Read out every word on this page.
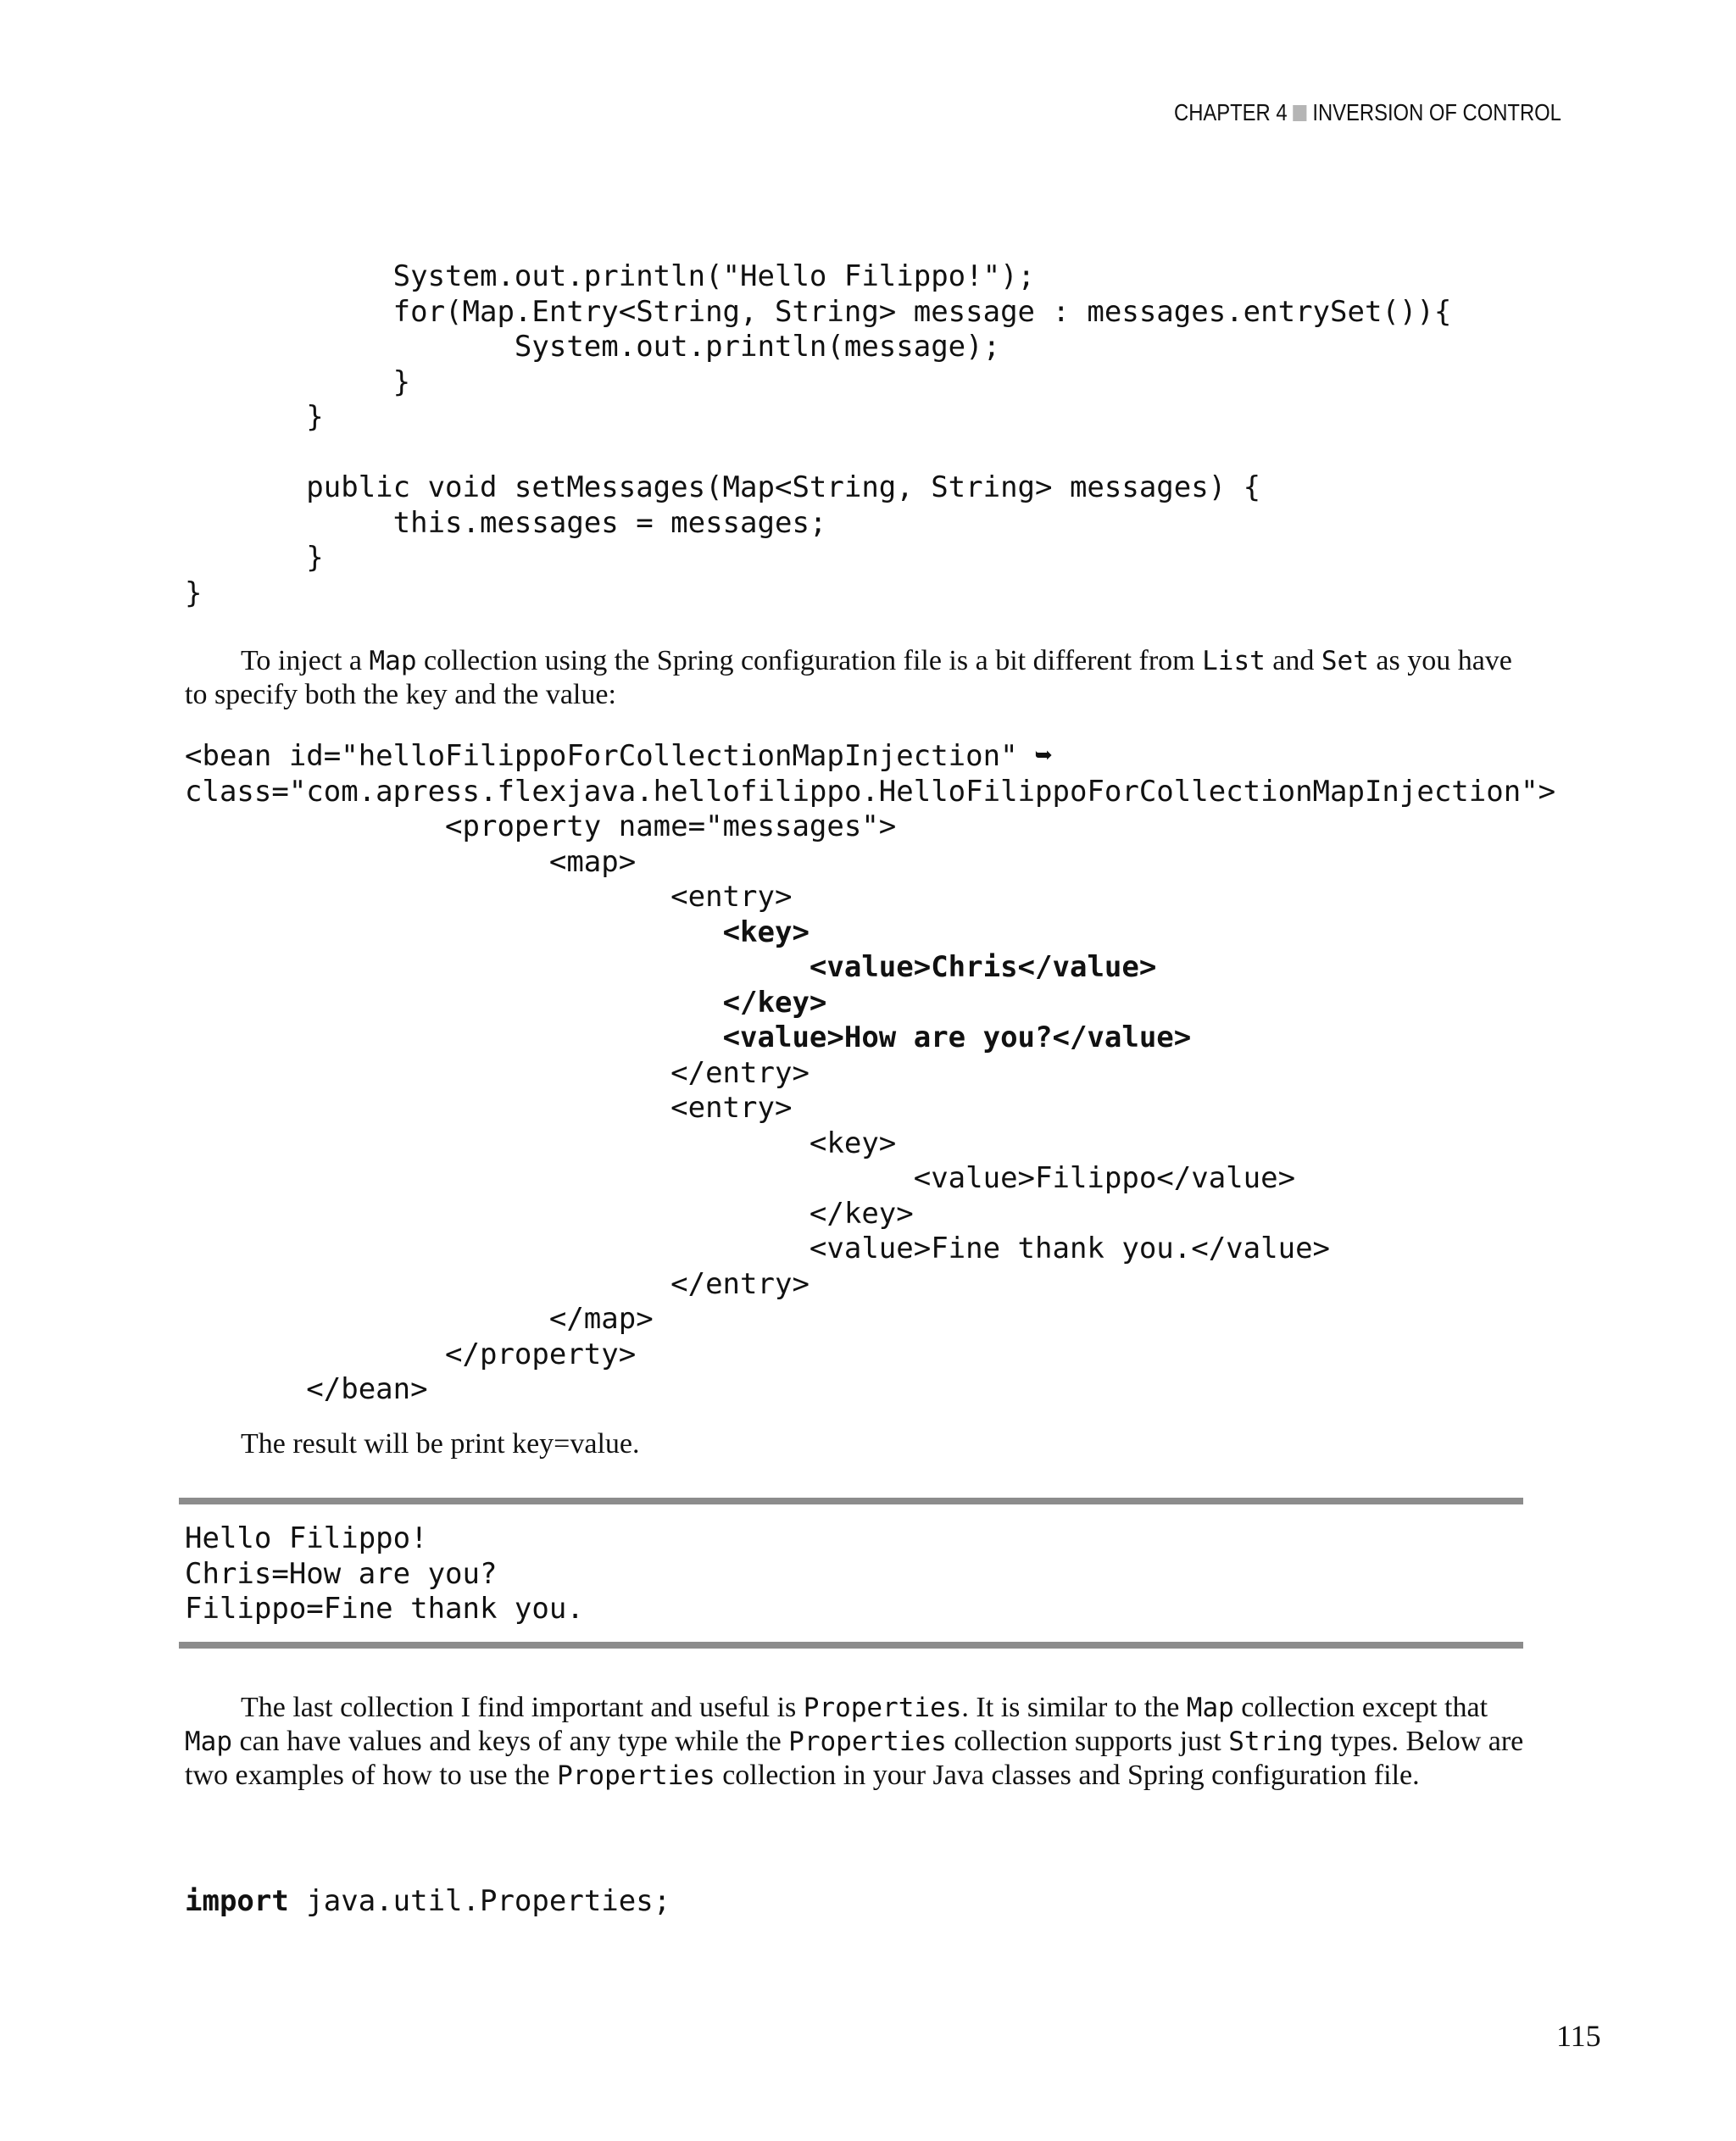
CHAPTER 4 INVERSION OF CONTROL
System.out.println("Hello Filippo!");
for(Map.Entry<String, String> message : messages.entrySet()){
System.out.println(message);
}
}

public void setMessages(Map<String, String> messages) {
this.messages = messages;
}
}

To inject a Map collection using the Spring configuration file is a bit different from List and Set as you have to specify both the key and the value:

<bean id="helloFilippoForCollectionMapInjection" ➥
class="com.apress.flexjava.hellofilippo.HelloFilippoForCollectionMapInjection">
<property name="messages">
<map>
<entry>
<key>
<value>Chris</value>
</key>
<value>How are you?</value>
</entry>
<entry>
<key>
<value>Filippo</value>
</key>
<value>Fine thank you.</value>
</entry>
</map>
</property>
</bean>

The result will be print key=value.

Hello Filippo!
Chris=How are you?
Filippo=Fine thank you.

The last collection I find important and useful is Properties. It is similar to the Map collection except that Map can have values and keys of any type while the Properties collection supports just String types. Below are two examples of how to use the Properties collection in your Java classes and Spring configuration file.

import java.util.Properties;
115
